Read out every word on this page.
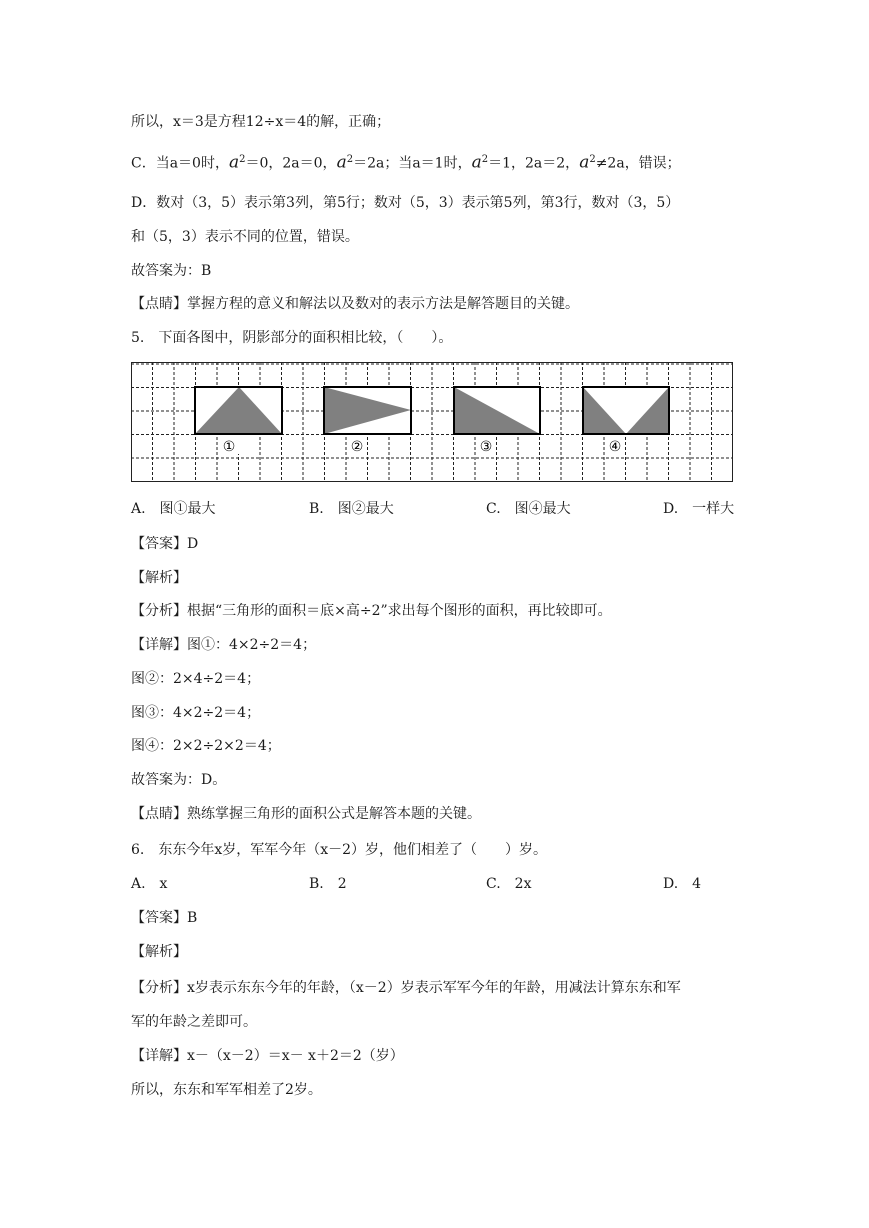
所以，x＝3是方程12÷x＝4的解，正确；
C．当a＝0时，$a^2=0$，2a＝0，$a^2=2a$；当a＝1时，$a^2=1$，2a＝2，$a^2\ne 2a$，错误；
D．数对（3，5）表示第3列，第5行；数对（5，3）表示第5列，第3行，数对（3，5）
和（5，3）表示不同的位置，错误。
故答案为：B
【点睛】掌握方程的意义和解法以及数对的表示方法是解答题目的关键。
5.　下面各图中，阴影部分的面积相比较，（　　）。
①	②	③	④
A.　图①最大	B.　图②最大	C.　图④最大	D.　一样大
【答案】D
【解析】
【分析】根据“三角形的面积＝底×高÷2”求出每个图形的面积，再比较即可。
【详解】图①：4×2÷2＝4；
图②：2×4÷2＝4；
图③：4×2÷2＝4；
图④：2×2÷2×2＝4；
故答案为：D。
【点睛】熟练掌握三角形的面积公式是解答本题的关键。
6.　东东今年x岁，军军今年（x－2）岁，他们相差了（　　）岁。
A.　x	B.　2	C.　2x	D.　4
【答案】B
【解析】
【分析】x岁表示东东今年的年龄，（x－2）岁表示军军今年的年龄，用减法计算东东和军
军的年龄之差即可。
【详解】x－（x－2）＝x－ x＋2＝2（岁）
所以，东东和军军相差了2岁。
